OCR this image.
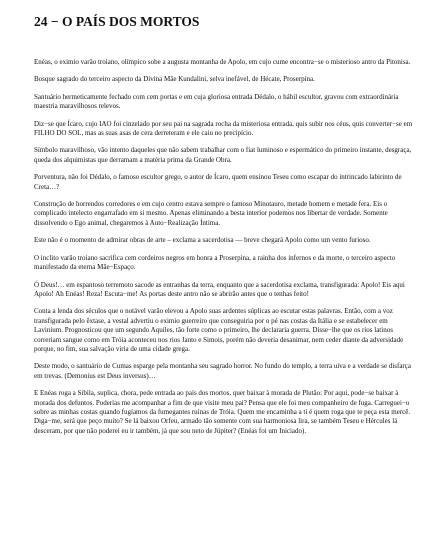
24 − O PAÍS DOS MORTOS

Enéas, o eximio varão troiano, olímpico sobe a augusta montanha de Apolo, em cujo cume encontra−se o misterioso antro da Pitonisa.

Bosque sagrado do terceiro aspecto da Divina Mãe Kundalini, selva inefável, de Hécate, Proserpina.

Santuário hermeticamente fechado com cem portas e em cuja gloriosa entrada Dédalo, o hábil escultor, gravou com extraordinária maestria maravilhosos relevos.

Diz−se que Ícaro, cujo IAO foi cinzelado por seu pai na sagrada rocha da misteriosa entrada, quis subir nos céus, quis converter−se em FILHO DO SOL, mas as suas asas de cera derreteram e ele caiu no precipício.

Símbolo maravilhoso, vão intento daqueles que não sabem trabalhar com o fiat luminoso e espermático do primeiro instante, desgraça, queda dos alquimistas que derramam a matéria prima da Grande Obra.

Porventura, não foi Dédalo, o famoso escultor grego, o autor de Ícaro, quem ensinou Teseu como escapar do intrincado labirinto de Creta…?

Construção de horrendos corredores e em cujo centro estava sempre o famoso Minotauro, metade homem e metade fera. Eis o complicado intelecto engarrafado em si mesmo. Apenas eliminando a besta interior podemos nos libertar de verdade. Somente dissolvendo o Ego animal, chegaremos à Auto−Realização Íntima.

Este não é o momento de admirar obras de arte – exclama a sacerdotisa — breve chegará Apolo como um vento furioso.

O inclito varão troiano sacrifica cem cordeiros negros em honra a Proserpina, a rainha dos infernos e da morte, o terceiro aspecto manifestado da eterna Mãe−Espaço.

Ó Deus!… em espantoso terremoto sacode as entranhas da terra, enquanto que a sacerdotisa exclama, transfigurada: Apolo! Eis aqui Apolo! Ah Enéas! Reza! Escuta−me! As portas deste antro não se abrirão antes que o tenhas feito!

Conta a lenda dos séculos que o notável varão elevou a Apolo suas ardentes súplicas ao escutar estas palavras. Então, com a voz transfigurada pelo êxtase, a vestal advertiu o eximio guerreiro que conseguiria por o pé nas costas da Itália e se estabelecer em Lavinium. Prognosticou que um segundo Aquiles, tão forte como o primeiro, lhe declararia guerra. Disse−lhe que os rios latinos correriam sangue como em Tróia aconteceu nos rios Janto e Simois, porém não deveria desanimar, nem ceder diante da adversidade porque, no fim, sua salvação viria de uma cidade grega.

Deste modo, o santuário de Cumas esparge pela montanha seu sagrado horror. No fundo do templo, a terra uiva e a verdade se disfarça em trevas. (Demonius est Deus inversus)…

E Enéas roga a Sibila, suplica, chora, pede entrada ao país dos mortos, quer baixar à morada de Plutão: Por aqui, pode−se baixar à morada dos defuntos. Poderias me acompanhar a fim de que visite meu pai? Pensa que ele foi meu companheiro de fuga. Carreguei−o sobre as minhas costas quando fugíamos da fumegantes ruínas de Tróia. Quem me encaminha a ti é quem roga que te peça esta mercê. Diga−me, será que peço muito? Se lá baixou Orfeu, armado tão somente com sua harmoniosa lira, se também Teseu e Hércules lá desceram, por que não poderei eu ir também, já que sou neto de Júpiter? (Enéas foi um Iniciado).
